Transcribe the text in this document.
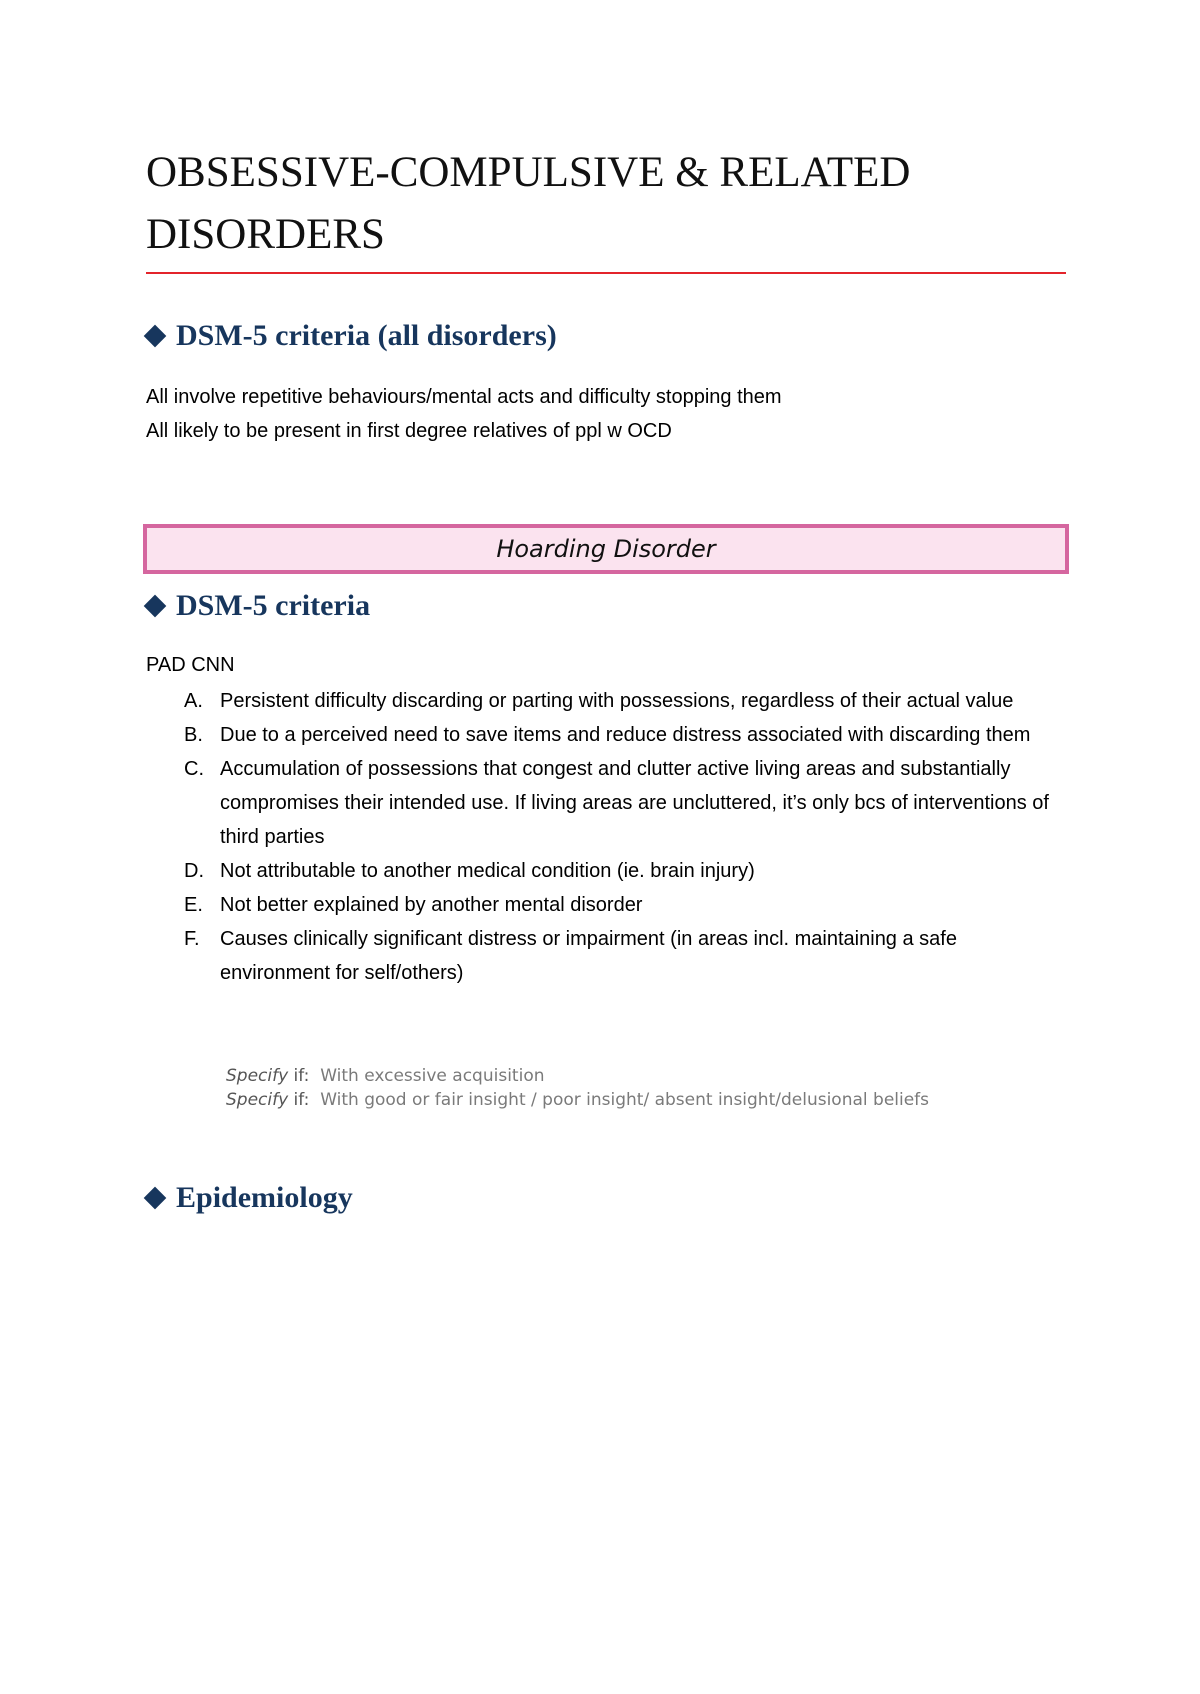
OBSESSIVE-COMPULSIVE & RELATED DISORDERS
DSM-5 criteria (all disorders)
All involve repetitive behaviours/mental acts and difficulty stopping them
All likely to be present in first degree relatives of ppl w OCD
Hoarding Disorder
DSM-5 criteria
PAD CNN
A. Persistent difficulty discarding or parting with possessions, regardless of their actual value
B. Due to a perceived need to save items and reduce distress associated with discarding them
C. Accumulation of possessions that congest and clutter active living areas and substantially compromises their intended use. If living areas are uncluttered, it’s only bcs of interventions of third parties
D. Not attributable to another medical condition (ie. brain injury)
E. Not better explained by another mental disorder
F. Causes clinically significant distress or impairment (in areas incl. maintaining a safe environment for self/others)
Specify if: With excessive acquisition
Specify if: With good or fair insight / poor insight/ absent insight/delusional beliefs
Epidemiology
